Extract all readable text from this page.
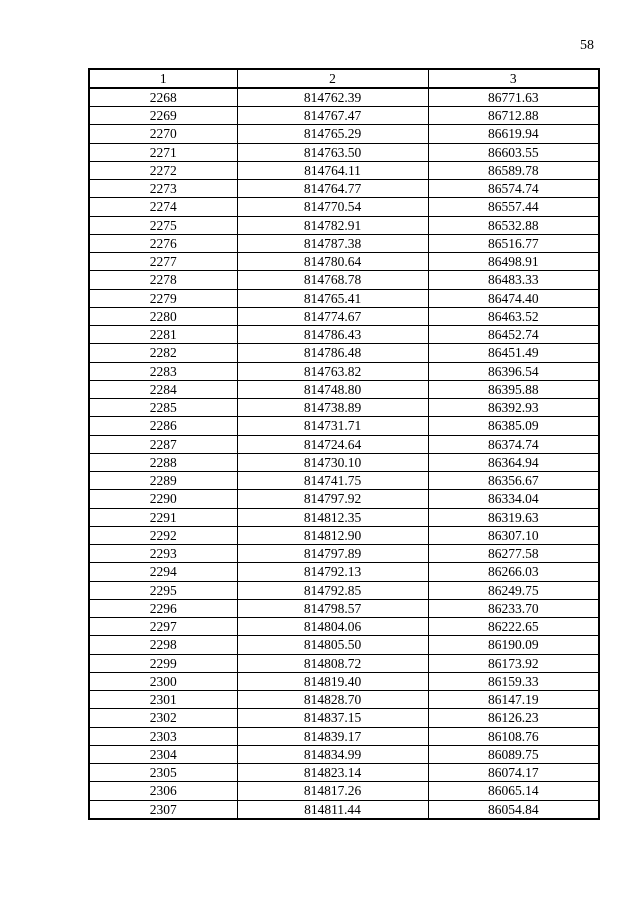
58
1	2	3
2268	814762.39	86771.63
2269	814767.47	86712.88
2270	814765.29	86619.94
2271	814763.50	86603.55
2272	814764.11	86589.78
2273	814764.77	86574.74
2274	814770.54	86557.44
2275	814782.91	86532.88
2276	814787.38	86516.77
2277	814780.64	86498.91
2278	814768.78	86483.33
2279	814765.41	86474.40
2280	814774.67	86463.52
2281	814786.43	86452.74
2282	814786.48	86451.49
2283	814763.82	86396.54
2284	814748.80	86395.88
2285	814738.89	86392.93
2286	814731.71	86385.09
2287	814724.64	86374.74
2288	814730.10	86364.94
2289	814741.75	86356.67
2290	814797.92	86334.04
2291	814812.35	86319.63
2292	814812.90	86307.10
2293	814797.89	86277.58
2294	814792.13	86266.03
2295	814792.85	86249.75
2296	814798.57	86233.70
2297	814804.06	86222.65
2298	814805.50	86190.09
2299	814808.72	86173.92
2300	814819.40	86159.33
2301	814828.70	86147.19
2302	814837.15	86126.23
2303	814839.17	86108.76
2304	814834.99	86089.75
2305	814823.14	86074.17
2306	814817.26	86065.14
2307	814811.44	86054.84
